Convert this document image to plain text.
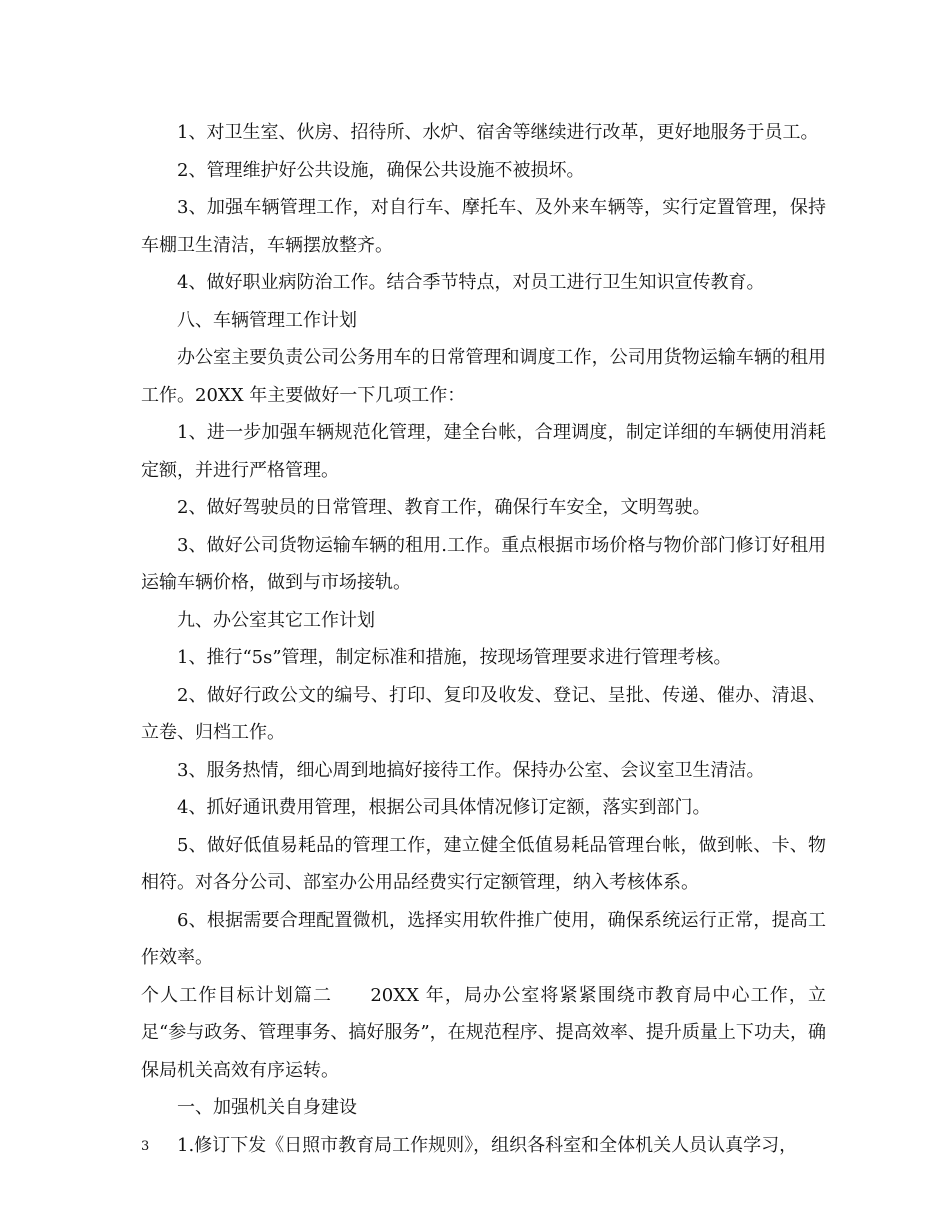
1、对卫生室、伙房、招待所、水炉、宿舍等继续进行改革，更好地服务于员工。

2、管理维护好公共设施，确保公共设施不被损坏。

3、加强车辆管理工作，对自行车、摩托车、及外来车辆等，实行定置管理，保持车棚卫生清洁，车辆摆放整齐。

4、做好职业病防治工作。结合季节特点，对员工进行卫生知识宣传教育。

八、车辆管理工作计划

办公室主要负责公司公务用车的日常管理和调度工作，公司用货物运输车辆的租用工作。20XX 年主要做好一下几项工作：

1、进一步加强车辆规范化管理，建全台帐，合理调度，制定详细的车辆使用消耗定额，并进行严格管理。

2、做好驾驶员的日常管理、教育工作，确保行车安全，文明驾驶。

3、做好公司货物运输车辆的租用.工作。重点根据市场价格与物价部门修订好租用运输车辆价格，做到与市场接轨。

九、办公室其它工作计划

1、推行“5s”管理，制定标准和措施，按现场管理要求进行管理考核。

2、做好行政公文的编号、打印、复印及收发、登记、呈批、传递、催办、清退、立卷、归档工作。

3、服务热情，细心周到地搞好接待工作。保持办公室、会议室卫生清洁。

4、抓好通讯费用管理，根据公司具体情况修订定额，落实到部门。

5、做好低值易耗品的管理工作，建立健全低值易耗品管理台帐，做到帐、卡、物相符。对各分公司、部室办公用品经费实行定额管理，纳入考核体系。

6、根据需要合理配置微机，选择实用软件推广使用，确保系统运行正常，提高工作效率。

个人工作目标计划篇二　　20XX 年，局办公室将紧紧围绕市教育局中心工作，立足“参与政务、管理事务、搞好服务”，在规范程序、提高效率、提升质量上下功夫，确保局机关高效有序运转。

一、加强机关自身建设

1.修订下发《日照市教育局工作规则》，组织各科室和全体机关人员认真学习，

3
